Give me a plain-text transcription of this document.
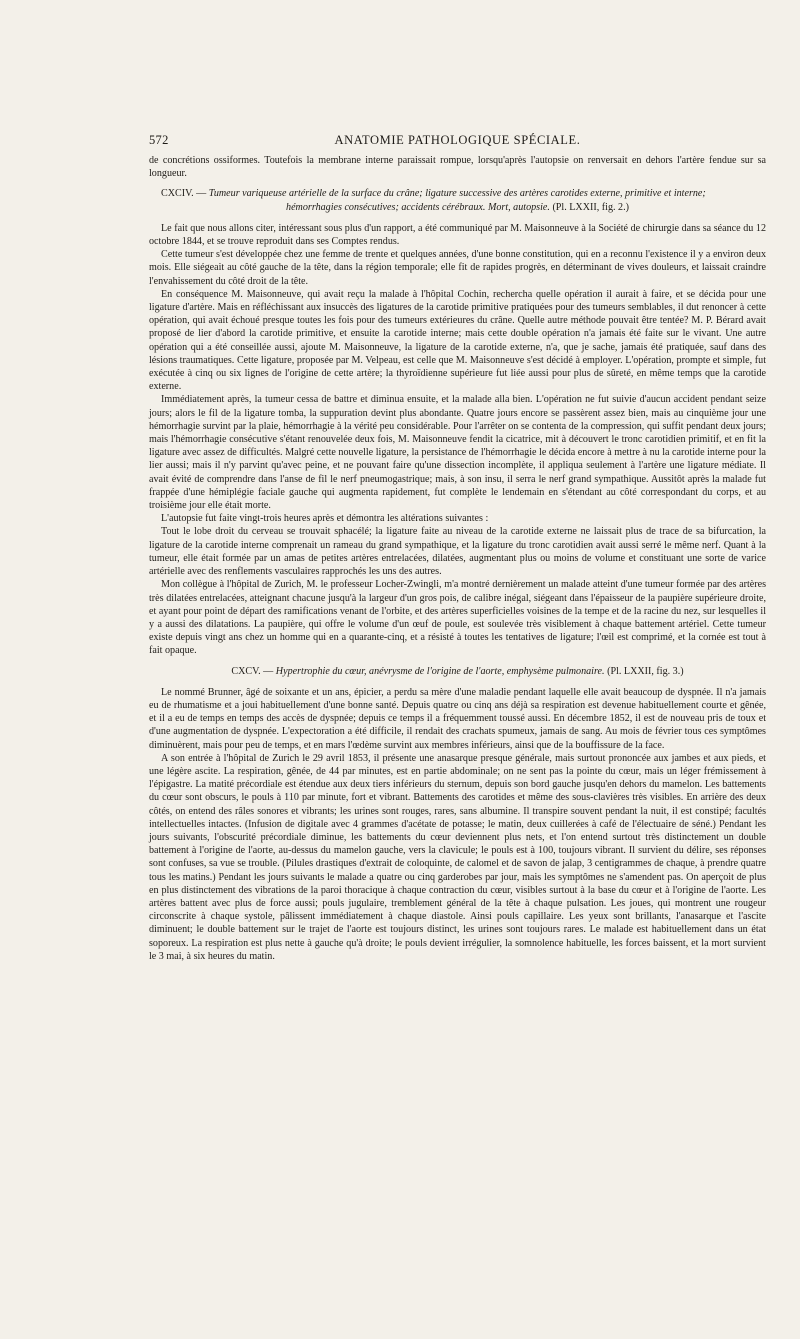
572	ANATOMIE PATHOLOGIQUE SPÉCIALE.

de concrétions ossiformes. Toutefois la membrane interne paraissait rompue, lorsqu'après l'autopsie on renversait en dehors l'artère fendue sur sa longueur.

CXCIV. — Tumeur variqueuse artérielle de la surface du crâne; ligature successive des artères carotides externe, primitive et interne;
hémorrhagies consécutives; accidents cérébraux. Mort, autopsie. (Pl. LXXII, fig. 2.)

Le fait que nous allons citer, intéressant sous plus d'un rapport, a été communiqué par M. Maisonneuve à la Société de chirurgie dans sa séance du 12 octobre 1844, et se trouve reproduit dans ses Comptes rendus.

Cette tumeur s'est développée chez une femme de trente et quelques années, d'une bonne constitution, qui en a reconnu l'existence il y a environ deux mois. Elle siégeait au côté gauche de la tête, dans la région temporale; elle fit de rapides progrès, en déterminant de vives douleurs, et laissait craindre l'envahissement du côté droit de la tête.

En conséquence M. Maisonneuve, qui avait reçu la malade à l'hôpital Cochin, rechercha quelle opération il aurait à faire, et se décida pour une ligature d'artère. Mais en réfléchissant aux insuccès des ligatures de la carotide primitive pratiquées pour des tumeurs semblables, il dut renoncer à cette opération, qui avait échoué presque toutes les fois pour des tumeurs extérieures du crâne. Quelle autre méthode pouvait être tentée? M. P. Bérard avait proposé de lier d'abord la carotide primitive, et ensuite la carotide interne; mais cette double opération n'a jamais été faite sur le vivant. Une autre opération qui a été conseillée aussi, ajoute M. Maisonneuve, la ligature de la carotide externe, n'a, que je sache, jamais été pratiquée, sauf dans des lésions traumatiques. Cette ligature, proposée par M. Velpeau, est celle que M. Maisonneuve s'est décidé à employer. L'opération, prompte et simple, fut exécutée à cinq ou six lignes de l'origine de cette artère; la thyroïdienne supérieure fut liée aussi pour plus de sûreté, en même temps que la carotide externe.

Immédiatement après, la tumeur cessa de battre et diminua ensuite, et la malade alla bien. L'opération ne fut suivie d'aucun accident pendant seize jours; alors le fil de la ligature tomba, la suppuration devint plus abondante. Quatre jours encore se passèrent assez bien, mais au cinquième jour une hémorrhagie survint par la plaie, hémorrhagie à la vérité peu considérable. Pour l'arrêter on se contenta de la compression, qui suffit pendant deux jours; mais l'hémorrhagie consécutive s'étant renouvelée deux fois, M. Maisonneuve fendit la cicatrice, mit à découvert le tronc carotidien primitif, et en fit la ligature avec assez de difficultés. Malgré cette nouvelle ligature, la persistance de l'hémorrhagie le décida encore à mettre à nu la carotide interne pour la lier aussi; mais il n'y parvint qu'avec peine, et ne pouvant faire qu'une dissection incomplète, il appliqua seulement à l'artère une ligature médiate. Il avait évité de comprendre dans l'anse de fil le nerf pneumogastrique; mais, à son insu, il serra le nerf grand sympathique. Aussitôt après la malade fut frappée d'une hémiplégie faciale gauche qui augmenta rapidement, fut complète le lendemain en s'étendant au côté correspondant du corps, et au troisième jour elle était morte.

L'autopsie fut faite vingt-trois heures après et démontra les altérations suivantes :

Tout le lobe droit du cerveau se trouvait sphacélé; la ligature faite au niveau de la carotide externe ne laissait plus de trace de sa bifurcation, la ligature de la carotide interne comprenait un rameau du grand sympathique, et la ligature du tronc carotidien avait aussi serré le même nerf. Quant à la tumeur, elle était formée par un amas de petites artères entrelacées, dilatées, augmentant plus ou moins de volume et constituant une sorte de varice artérielle avec des renflements vasculaires rapprochés les uns des autres.

Mon collègue à l'hôpital de Zurich, M. le professeur Locher-Zwingli, m'a montré dernièrement un malade atteint d'une tumeur formée par des artères très dilatées entrelacées, atteignant chacune jusqu'à la largeur d'un gros pois, de calibre inégal, siégeant dans l'épaisseur de la paupière supérieure droite, et ayant pour point de départ des ramifications venant de l'orbite, et des artères superficielles voisines de la tempe et de la racine du nez, sur lesquelles il y a aussi des dilatations. La paupière, qui offre le volume d'un œuf de poule, est soulevée très visiblement à chaque battement artériel. Cette tumeur existe depuis vingt ans chez un homme qui en a quarante-cinq, et a résisté à toutes les tentatives de ligature; l'œil est comprimé, et la cornée est tout à fait opaque.

CXCV. — Hypertrophie du cœur, anévrysme de l'origine de l'aorte, emphysème pulmonaire. (Pl. LXXII, fig. 3.)

Le nommé Brunner, âgé de soixante et un ans, épicier, a perdu sa mère d'une maladie pendant laquelle elle avait beaucoup de dyspnée. Il n'a jamais eu de rhumatisme et a joui habituellement d'une bonne santé. Depuis quatre ou cinq ans déjà sa respiration est devenue habituellement courte et gênée, et il a eu de temps en temps des accès de dyspnée; depuis ce temps il a fréquemment toussé aussi. En décembre 1852, il est de nouveau pris de toux et d'une augmentation de dyspnée. L'expectoration a été difficile, il rendait des crachats spumeux, jamais de sang. Au mois de février tous ces symptômes diminuèrent, mais pour peu de temps, et en mars l'œdème survint aux membres inférieurs, ainsi que de la bouffissure de la face.

A son entrée à l'hôpital de Zurich le 29 avril 1853, il présente une anasarque presque générale, mais surtout prononcée aux jambes et aux pieds, et une légère ascite. La respiration, gênée, de 44 par minutes, est en partie abdominale; on ne sent pas la pointe du cœur, mais un léger frémissement à l'épigastre. La matité précordiale est étendue aux deux tiers inférieurs du sternum, depuis son bord gauche jusqu'en dehors du mamelon. Les battements du cœur sont obscurs, le pouls à 110 par minute, fort et vibrant. Battements des carotides et même des sous-clavières très visibles. En arrière des deux côtés, on entend des râles sonores et vibrants; les urines sont rouges, rares, sans albumine. Il transpire souvent pendant la nuit, il est constipé; facultés intellectuelles intactes. (Infusion de digitale avec 4 grammes d'acétate de potasse; le matin, deux cuillerées à café de l'électuaire de séné.) Pendant les jours suivants, l'obscurité précordiale diminue, les battements du cœur deviennent plus nets, et l'on entend surtout très distinctement un double battement à l'origine de l'aorte, au-dessus du mamelon gauche, vers la clavicule; le pouls est à 100, toujours vibrant. Il survient du délire, ses réponses sont confuses, sa vue se trouble. (Pilules drastiques d'extrait de coloquinte, de calomel et de savon de jalap, 3 centigrammes de chaque, à prendre quatre tous les matins.) Pendant les jours suivants le malade a quatre ou cinq garderobes par jour, mais les symptômes ne s'amendent pas. On aperçoit de plus en plus distinctement des vibrations de la paroi thoracique à chaque contraction du cœur, visibles surtout à la base du cœur et à l'origine de l'aorte. Les artères battent avec plus de force aussi; pouls jugulaire, tremblement général de la tête à chaque pulsation. Les joues, qui montrent une rougeur circonscrite à chaque systole, pâlissent immédiatement à chaque diastole. Ainsi pouls capillaire. Les yeux sont brillants, l'anasarque et l'ascite diminuent; le double battement sur le trajet de l'aorte est toujours distinct, les urines sont toujours rares. Le malade est habituellement dans un état soporeux. La respiration est plus nette à gauche qu'à droite; le pouls devient irrégulier, la somnolence habituelle, les forces baissent, et la mort survient le 3 mai, à six heures du matin.
